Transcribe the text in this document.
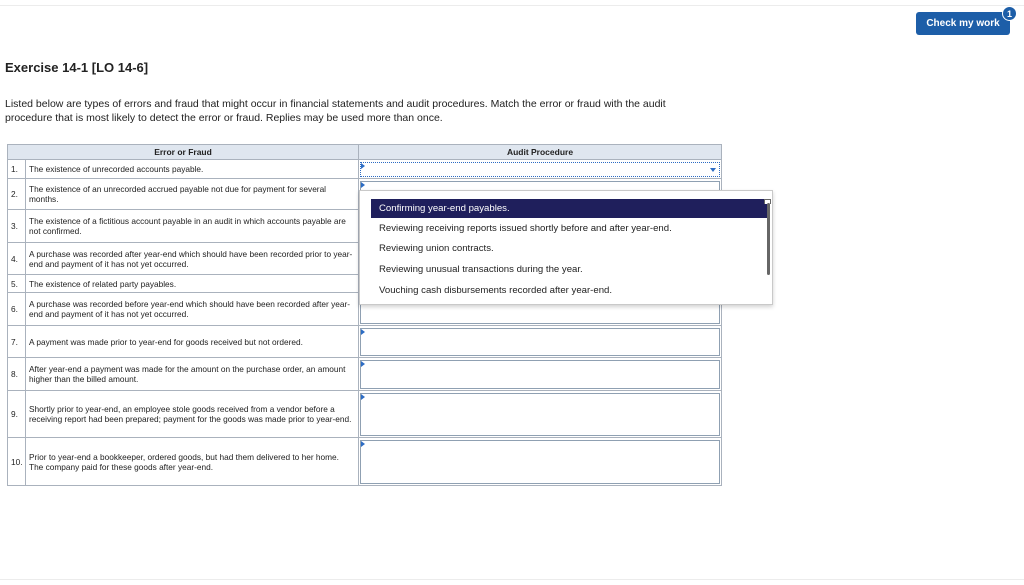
Check my work
1
Exercise 14-1 [LO 14-6]
Listed below are types of errors and fraud that might occur in financial statements and audit procedures. Match the error or fraud with the audit procedure that is most likely to detect the error or fraud. Replies may be used more than once.
Error or Fraud		Audit Procedure
1.	The existence of unrecorded accounts payable.	

2.	The existence of an unrecorded accrued payable not due for payment for several months.	

3.	The existence of a fictitious account payable in an audit in which accounts payable are not confirmed.	

4.	A purchase was recorded after year-end which should have been recorded prior to year-end and payment of it has not yet occurred.	

5.	The existence of related party payables.	

6.	A purchase was recorded before year-end which should have been recorded after year-end and payment of it has not yet occurred.	

7.	A payment was made prior to year-end for goods received but not ordered.	

8.	After year-end a payment was made for the amount on the purchase order, an amount higher than the billed amount.	

9.	Shortly prior to year-end, an employee stole goods received from a vendor before a receiving report had been prepared; payment for the goods was made prior to year-end.	

10.	Prior to year-end a bookkeeper, ordered goods, but had them delivered to her home. The company paid for these goods after year-end.	
Confirming year-end payables.
Reviewing receiving reports issued shortly before and after year-end.
Reviewing union contracts.
Reviewing unusual transactions during the year.
Vouching cash disbursements recorded after year-end.
